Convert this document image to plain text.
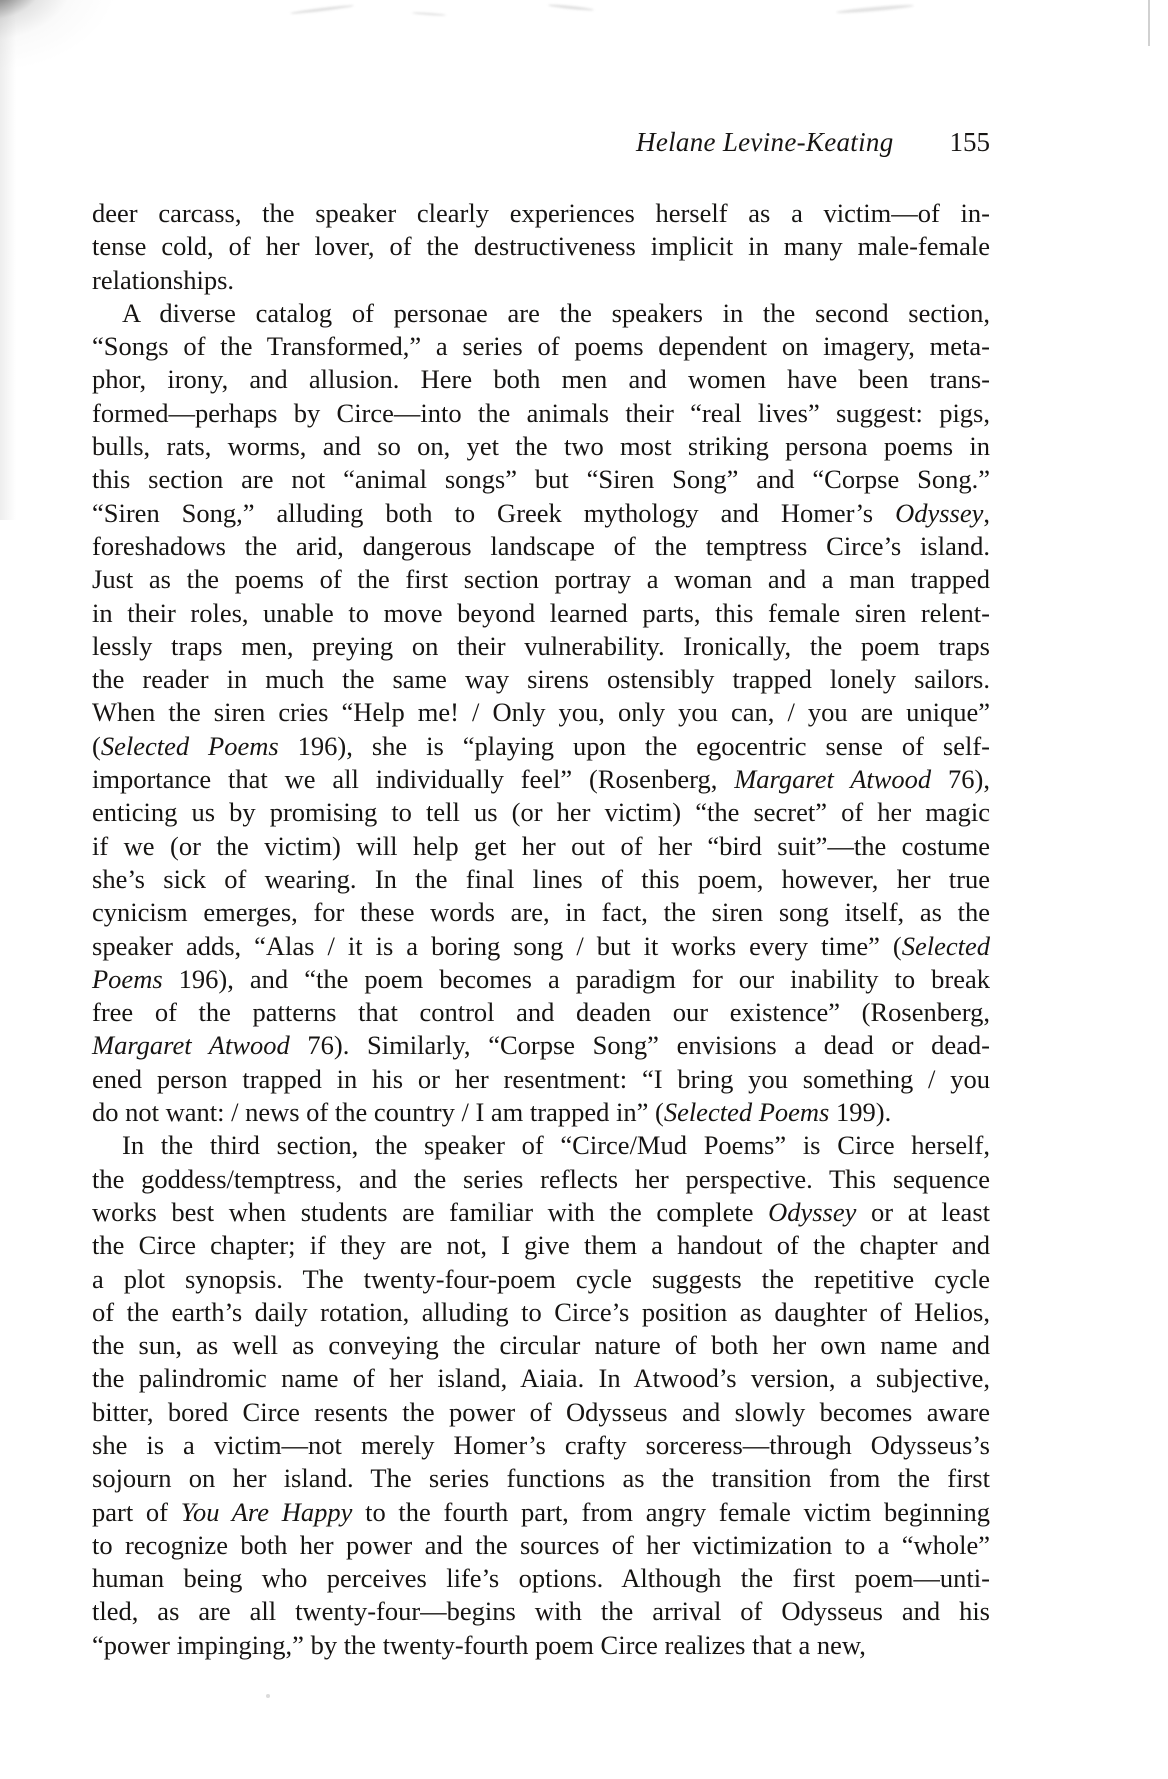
Helane Levine-Keating 155

deer carcass, the speaker clearly experiences herself as a victim—of in-
tense cold, of her lover, of the destructiveness implicit in many male-female
relationships.

A diverse catalog of personae are the speakers in the second section,
“Songs of the Transformed,” a series of poems dependent on imagery, meta-
phor, irony, and allusion. Here both men and women have been trans-
formed—perhaps by Circe—into the animals their “real lives” suggest: pigs,
bulls, rats, worms, and so on, yet the two most striking persona poems in
this section are not “animal songs” but “Siren Song” and “Corpse Song.”
“Siren Song,” alluding both to Greek mythology and Homer’s Odyssey,
foreshadows the arid, dangerous landscape of the temptress Circe’s island.
Just as the poems of the first section portray a woman and a man trapped
in their roles, unable to move beyond learned parts, this female siren relent-
lessly traps men, preying on their vulnerability. Ironically, the poem traps
the reader in much the same way sirens ostensibly trapped lonely sailors.
When the siren cries “Help me! / Only you, only you can, / you are unique”
(Selected Poems 196), she is “playing upon the egocentric sense of self-
importance that we all individually feel” (Rosenberg, Margaret Atwood 76),
enticing us by promising to tell us (or her victim) “the secret” of her magic
if we (or the victim) will help get her out of her “bird suit”—the costume
she’s sick of wearing. In the final lines of this poem, however, her true
cynicism emerges, for these words are, in fact, the siren song itself, as the
speaker adds, “Alas / it is a boring song / but it works every time” (Selected
Poems 196), and “the poem becomes a paradigm for our inability to break
free of the patterns that control and deaden our existence” (Rosenberg,
Margaret Atwood 76). Similarly, “Corpse Song” envisions a dead or dead-
ened person trapped in his or her resentment: “I bring you something / you
do not want: / news of the country / I am trapped in” (Selected Poems 199).

In the third section, the speaker of “Circe/Mud Poems” is Circe herself,
the goddess/temptress, and the series reflects her perspective. This sequence
works best when students are familiar with the complete Odyssey or at least
the Circe chapter; if they are not, I give them a handout of the chapter and
a plot synopsis. The twenty-four-poem cycle suggests the repetitive cycle
of the earth’s daily rotation, alluding to Circe’s position as daughter of Helios,
the sun, as well as conveying the circular nature of both her own name and
the palindromic name of her island, Aiaia. In Atwood’s version, a subjective,
bitter, bored Circe resents the power of Odysseus and slowly becomes aware
she is a victim—not merely Homer’s crafty sorceress—through Odysseus’s
sojourn on her island. The series functions as the transition from the first
part of You Are Happy to the fourth part, from angry female victim beginning
to recognize both her power and the sources of her victimization to a “whole”
human being who perceives life’s options. Although the first poem—unti-
tled, as are all twenty-four—begins with the arrival of Odysseus and his
“power impinging,” by the twenty-fourth poem Circe realizes that a new,
